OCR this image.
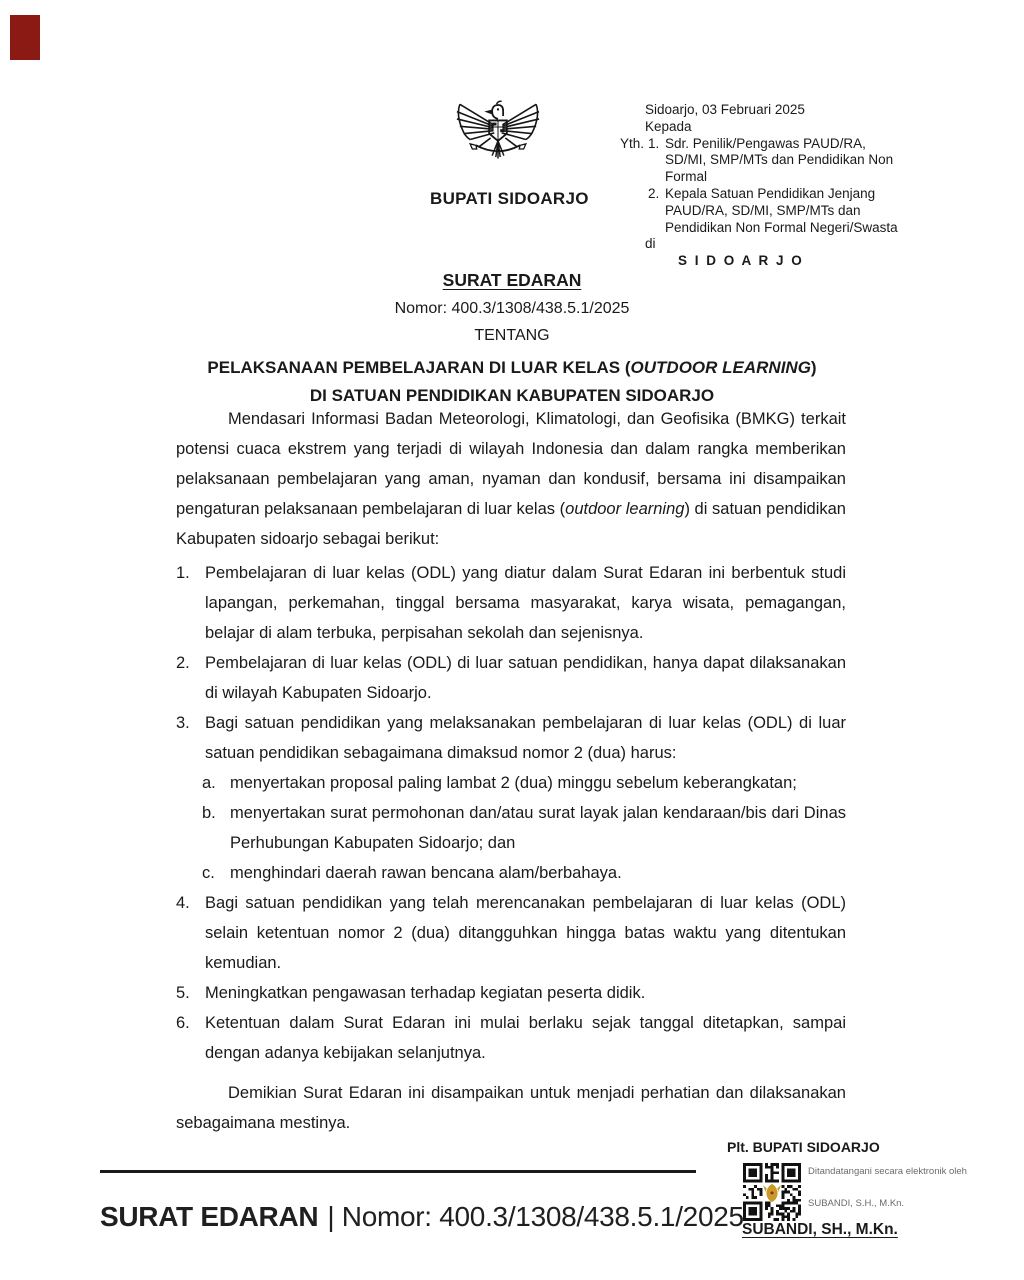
BUPATI SIDOARJO
Sidoarjo, 03 Februari 2025
Kepada
Yth. 1. Sdr. Penilik/Pengawas PAUD/RA, SD/MI, SMP/MTs dan Pendidikan Non Formal
2. Kepala Satuan Pendidikan Jenjang PAUD/RA, SD/MI, SMP/MTs dan Pendidikan Non Formal Negeri/Swasta
di
S I D O A R J O
SURAT EDARAN
Nomor: 400.3/1308/438.5.1/2025
TENTANG
PELAKSANAAN PEMBELAJARAN DI LUAR KELAS (OUTDOOR LEARNING)
DI SATUAN PENDIDIKAN KABUPATEN SIDOARJO

Mendasari Informasi Badan Meteorologi, Klimatologi, dan Geofisika (BMKG) terkait potensi cuaca ekstrem yang terjadi di wilayah Indonesia dan dalam rangka memberikan pelaksanaan pembelajaran yang aman, nyaman dan kondusif, bersama ini disampaikan pengaturan pelaksanaan pembelajaran di luar kelas (outdoor learning) di satuan pendidikan Kabupaten sidoarjo sebagai berikut:

1. Pembelajaran di luar kelas (ODL) yang diatur dalam Surat Edaran ini berbentuk studi lapangan, perkemahan, tinggal bersama masyarakat, karya wisata, pemagangan, belajar di alam terbuka, perpisahan sekolah dan sejenisnya.
2. Pembelajaran di luar kelas (ODL) di luar satuan pendidikan, hanya dapat dilaksanakan di wilayah Kabupaten Sidoarjo.
3. Bagi satuan pendidikan yang melaksanakan pembelajaran di luar kelas (ODL) di luar satuan pendidikan sebagaimana dimaksud nomor 2 (dua) harus:
a. menyertakan proposal paling lambat 2 (dua) minggu sebelum keberangkatan;
b. menyertakan surat permohonan dan/atau surat layak jalan kendaraan/bis dari Dinas Perhubungan Kabupaten Sidoarjo; dan
c. menghindari daerah rawan bencana alam/berbahaya.
4. Bagi satuan pendidikan yang telah merencanakan pembelajaran di luar kelas (ODL) selain ketentuan nomor 2 (dua) ditangguhkan hingga batas waktu yang ditentukan kemudian.
5. Meningkatkan pengawasan terhadap kegiatan peserta didik.
6. Ketentuan dalam Surat Edaran ini mulai berlaku sejak tanggal ditetapkan, sampai dengan adanya kebijakan selanjutnya.

Demikian Surat Edaran ini disampaikan untuk menjadi perhatian dan dilaksanakan sebagaimana mestinya.

Plt. BUPATI SIDOARJO
Ditandatangani secara elektronik oleh
SUBANDI, S.H., M.Kn.
SUBANDI, SH., M.Kn.
SURAT EDARAN | Nomor: 400.3/1308/438.5.1/2025
